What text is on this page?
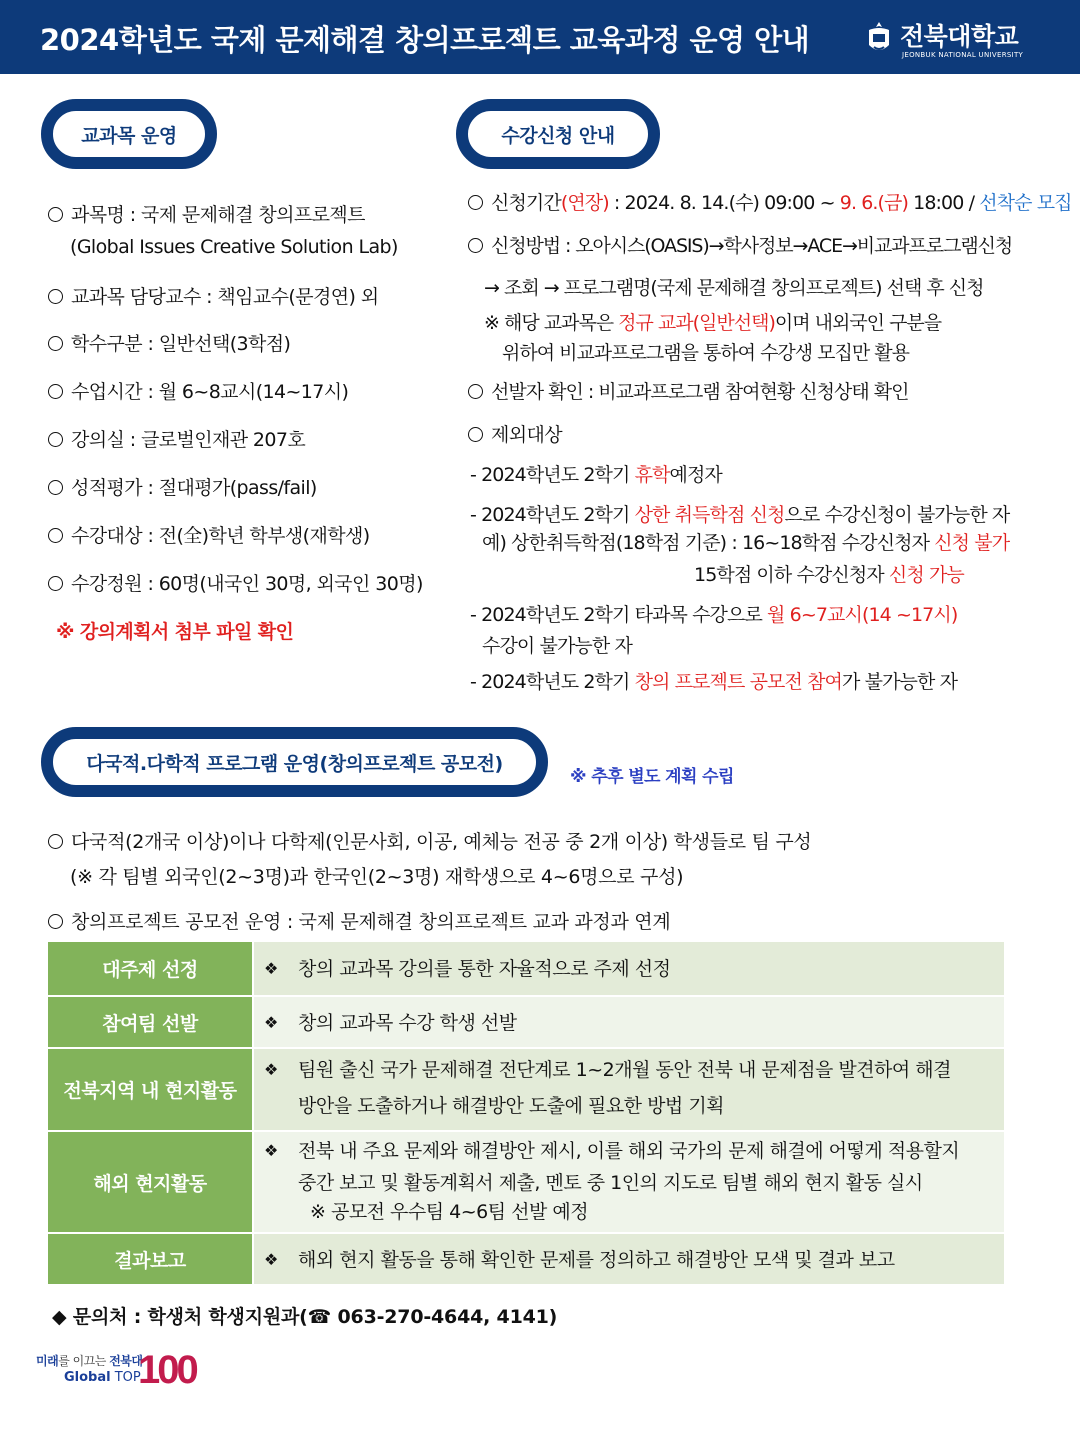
2024학년도 국제 문제해결 창의프로젝트 교육과정 운영 안내	전북대학교
JEONBUK NATIONAL UNIVERSITY
교과목 운영
과목명 : 국제 문제해결 창의프로젝트
(Global Issues Creative Solution Lab)
교과목 담당교수 : 책임교수(문경연) 외
학수구분 : 일반선택(3학점)
수업시간 : 월 6~8교시(14~17시)
강의실 : 글로벌인재관 207호
성적평가 : 절대평가(pass/fail)
수강대상 : 전(全)학년 학부생(재학생)
수강정원 : 60명(내국인 30명, 외국인 30명)
※ 강의계획서 첨부 파일 확인
수강신청 안내
신청기간(연장) : 2024. 8. 14.(수) 09:00 ~ 9. 6.(금) 18:00 / 선착순 모집
신청방법 : 오아시스(OASIS)→학사정보→ACE→비교과프로그램신청
→ 조회 → 프로그램명(국제 문제해결 창의프로젝트) 선택 후 신청
※ 해당 교과목은 정규 교과(일반선택)이며 내외국인 구분을
위하여 비교과프로그램을 통하여 수강생 모집만 활용
선발자 확인 : 비교과프로그램 참여현황 신청상태 확인
제외대상
- 2024학년도 2학기 휴학예정자
- 2024학년도 2학기 상한 취득학점 신청으로 수강신청이 불가능한 자
예) 상한취득학점(18학점 기준) : 16~18학점 수강신청자 신청 불가
15학점 이하 수강신청자 신청 가능
- 2024학년도 2학기 타과목 수강으로 월 6~7교시(14 ~17시)
수강이 불가능한 자
- 2024학년도 2학기 창의 프로젝트 공모전 참여가 불가능한 자
다국적.다학적 프로그램 운영(창의프로젝트 공모전)
※ 추후 별도 계획 수립
다국적(2개국 이상)이나 다학제(인문사회, 이공, 예체능 전공 중 2개 이상) 학생들로 팀 구성
(※ 각 팀별 외국인(2~3명)과 한국인(2~3명) 재학생으로 4~6명으로 구성)
창의프로젝트 공모전 운영 : 국제 문제해결 창의프로젝트 교과 과정과 연계
대주제 선정	❖ 창의 교과목 강의를 통한 자율적으로 주제 선정

참여팀 선발	❖ 창의 교과목 수강 학생 선발

전북지역 내 현지활동	❖ 팀원 출신 국가 문제해결 전단계로 1~2개월 동안 전북 내 문제점을 발견하여 해결
방안을 도출하거나 해결방안 도출에 필요한 방법 기획

해외 현지활동	❖ 전북 내 주요 문제와 해결방안 제시, 이를 해외 국가의 문제 해결에 어떻게 적용할지
중간 보고 및 활동계획서 제출, 멘토 중 1인의 지도로 팀별 해외 현지 활동 실시
※ 공모전 우수팀 4~6팀 선발 예정

결과보고	❖ 해외 현지 활동을 통해 확인한 문제를 정의하고 해결방안 모색 및 결과 보고
◆ 문의처 : 학생처 학생지원과(☎ 063-270-4644, 4141)
미래를 이끄는 전북대
Global TOP
100
